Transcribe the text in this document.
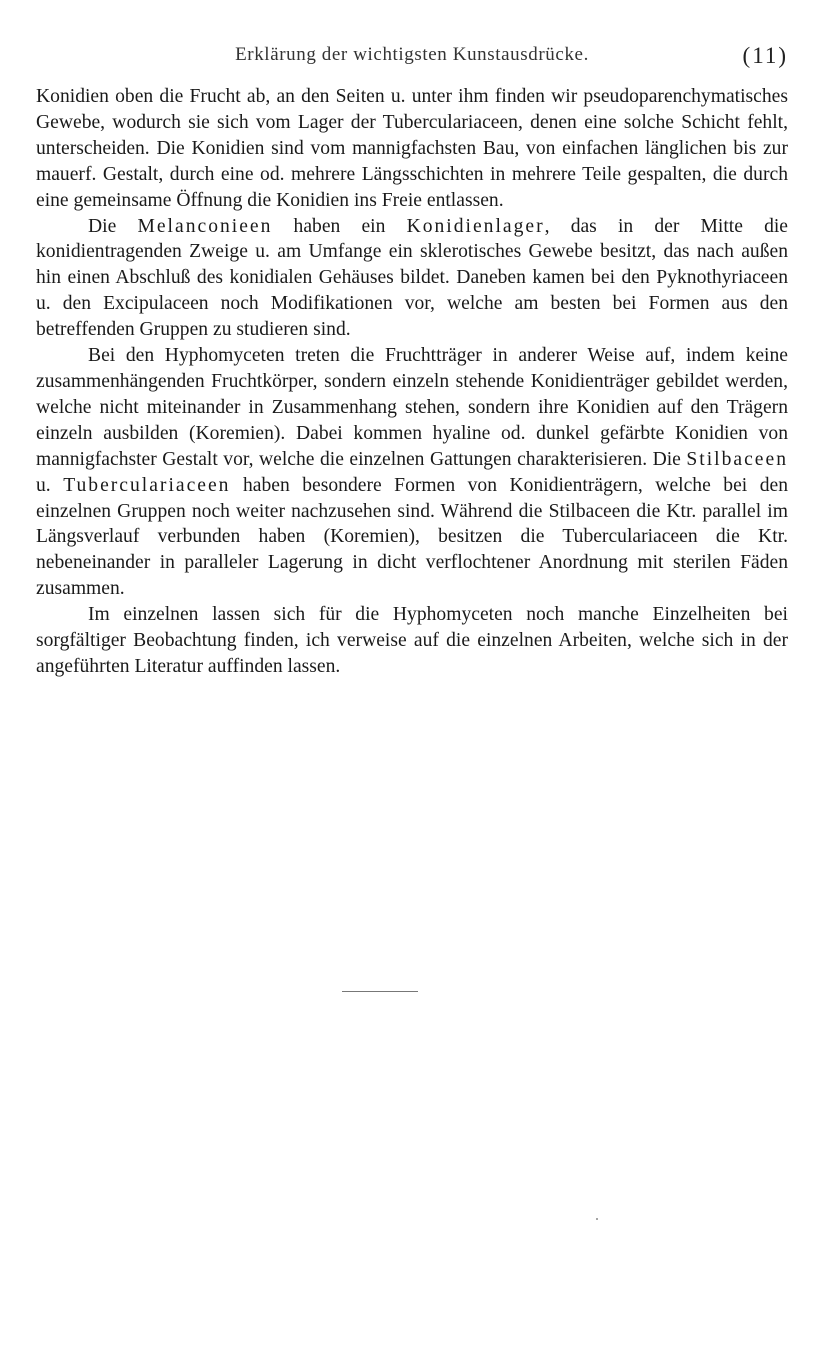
Erklärung der wichtigsten Kunstausdrücke.	(11)

Konidien oben die Frucht ab, an den Seiten u. unter ihm finden wir pseudoparenchymatisches Gewebe, wodurch sie sich vom Lager der Tuberculariaceen, denen eine solche Schicht fehlt, unterscheiden. Die Konidien sind vom mannigfachsten Bau, von einfachen länglichen bis zur mauerf. Gestalt, durch eine od. mehrere Längsschichten in mehrere Teile gespalten, die durch eine gemeinsame Öffnung die Konidien ins Freie entlassen.

Die Melanconieen haben ein Konidienlager, das in der Mitte die konidientragenden Zweige u. am Umfange ein sklerotisches Gewebe besitzt, das nach außen hin einen Abschluß des konidialen Gehäuses bildet. Daneben kamen bei den Pyknothyriaceen u. den Excipulaceen noch Modifikationen vor, welche am besten bei Formen aus den betreffenden Gruppen zu studieren sind.

Bei den Hyphomyceten treten die Fruchtträger in anderer Weise auf, indem keine zusammenhängenden Fruchtkörper, sondern einzeln stehende Konidienträger gebildet werden, welche nicht miteinander in Zusammenhang stehen, sondern ihre Konidien auf den Trägern einzeln ausbilden (Koremien). Dabei kommen hyaline od. dunkel gefärbte Konidien von mannigfachster Gestalt vor, welche die einzelnen Gattungen charakterisieren. Die Stilbaceen u. Tuberculariaceen haben besondere Formen von Konidienträgern, welche bei den einzelnen Gruppen noch weiter nachzusehen sind. Während die Stilbaceen die Ktr. parallel im Längsverlauf verbunden haben (Koremien), besitzen die Tuberculariaceen die Ktr. nebeneinander in paralleler Lagerung in dicht verflochtener Anordnung mit sterilen Fäden zusammen.

Im einzelnen lassen sich für die Hyphomyceten noch manche Einzelheiten bei sorgfältiger Beobachtung finden, ich verweise auf die einzelnen Arbeiten, welche sich in der angeführten Literatur auffinden lassen.
